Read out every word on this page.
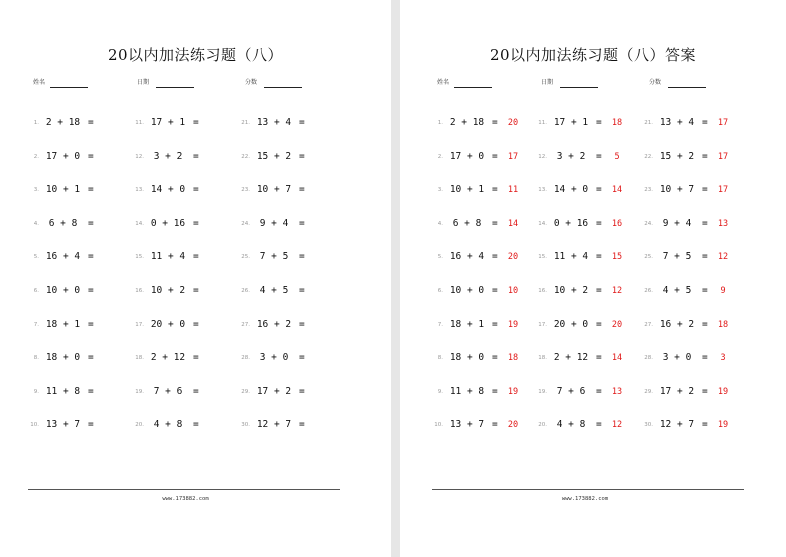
20以内加法练习题（八）
姓名	日期	分数
1. 2 + 18 =
2. 17 + 0 =
3. 10 + 1 =
4.	6 + 8	=
5. 16 + 4 =
6. 10 + 0 =
7. 18 + 1 =
8. 18 + 0 =
9. 11 + 8 =
10. 13 + 7 =
11. 17 + 1 =
12.	3 + 2	=
13. 14 + 0 =
14. 0 + 16 =
15. 11 + 4 =
16. 10 + 2 =
17. 20 + 0 =
18. 2 + 12 =
19.	7 + 6	=
20.	4 + 8	=
21. 13 + 4 =
22. 15 + 2 =
23. 10 + 7 =
24.	9 + 4	=
25.	7 + 5	=
26.	4 + 5	=
27. 16 + 2 =
28.	3 + 0	=
29. 17 + 2 =
30. 12 + 7 =
www.173882.com
20以内加法练习题（八）答案
姓名	日期	分数
1. 2 + 18 =	20
2. 17 + 0 =	17
3. 10 + 1 =	11
4.	6 + 8	=	14
5. 16 + 4 =	20
6. 10 + 0 =	10
7. 18 + 1 =	19
8. 18 + 0 =	18
9. 11 + 8 =	19
10. 13 + 7 =	20
11. 17 + 1 =	18
12.	3 + 2	=	5
13. 14 + 0 =	14
14. 0 + 16 =	16
15. 11 + 4 =	15
16. 10 + 2 =	12
17. 20 + 0 =	20
18. 2 + 12 =	14
19.	7 + 6	=	13
20.	4 + 8	=	12
21. 13 + 4 =	17
22. 15 + 2 =	17
23. 10 + 7 =	17
24.	9 + 4	=	13
25.	7 + 5	=	12
26.	4 + 5	=	9
27. 16 + 2 =	18
28.	3 + 0	=	3
29. 17 + 2 =	19
30. 12 + 7 =	19
www.173882.com
